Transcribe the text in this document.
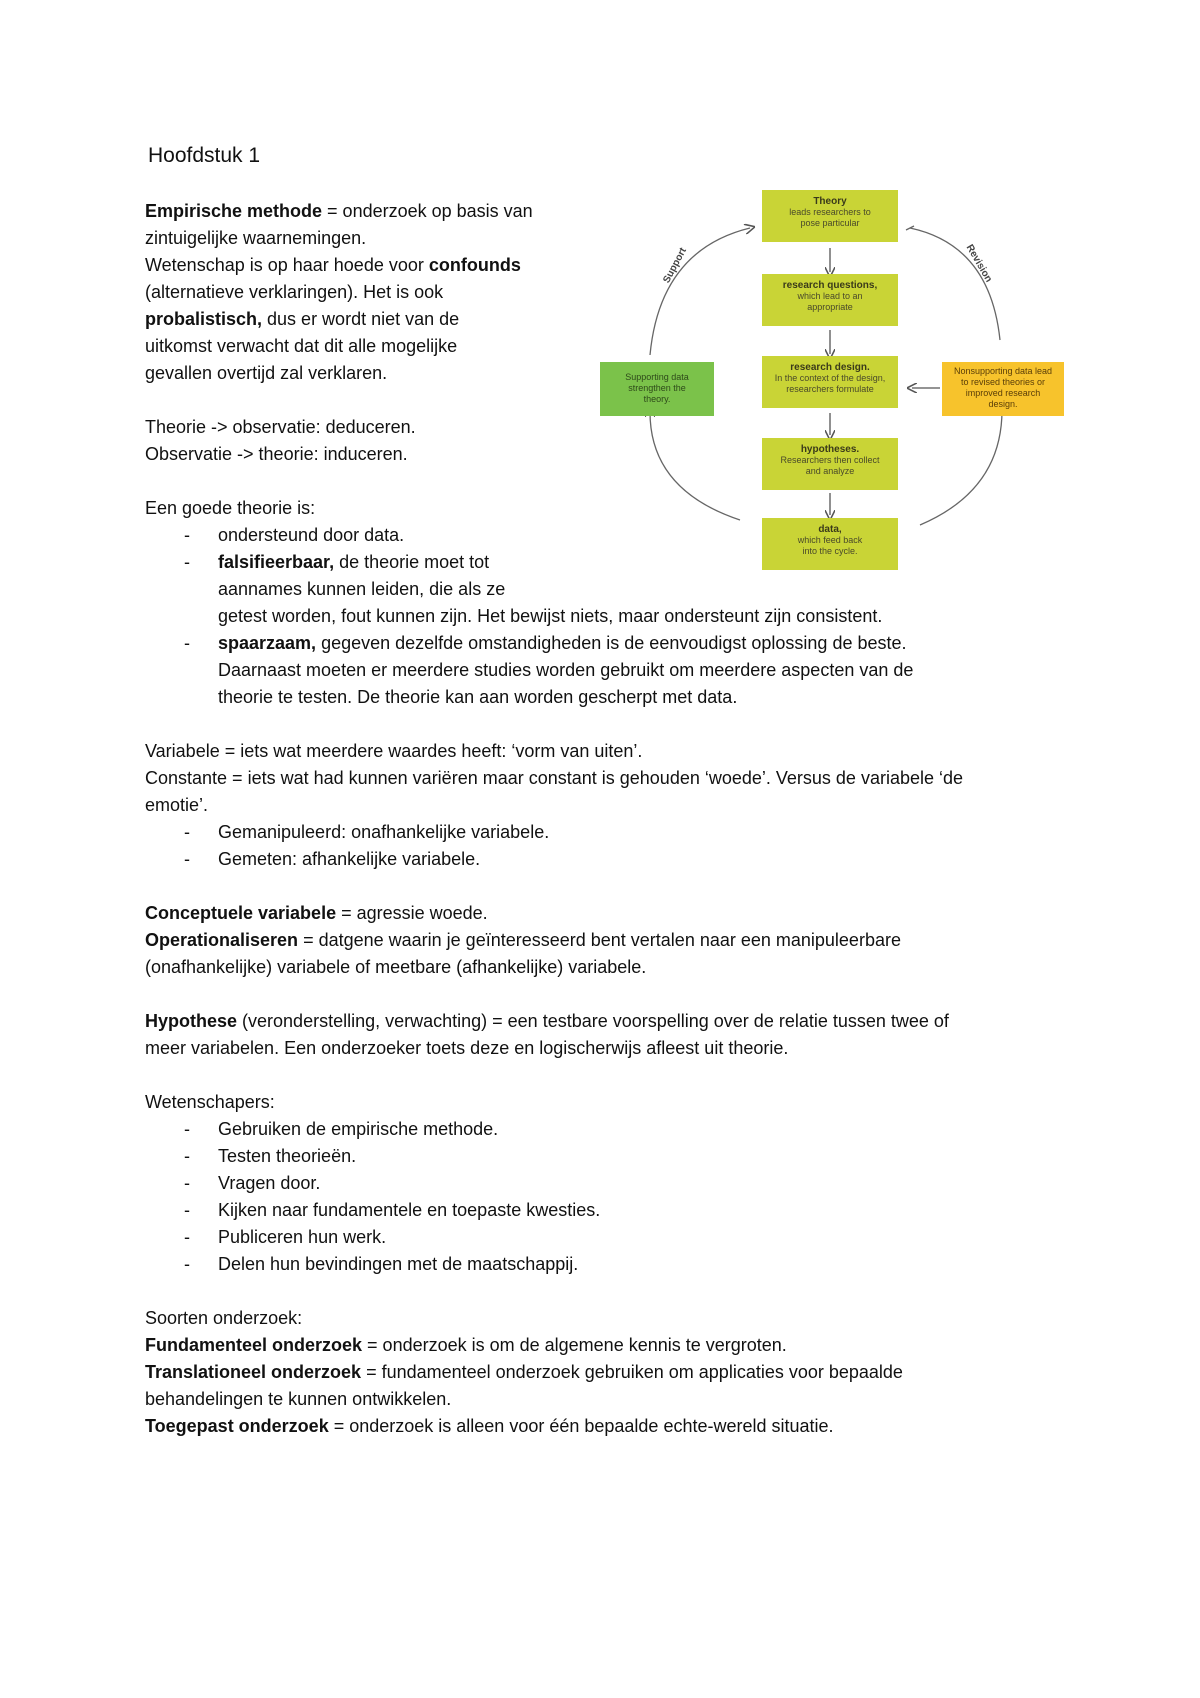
Hoofdstuk 1
Empirische methode = onderzoek op basis van
zintuigelijke waarnemingen.
Wetenschap is op haar hoede voor confounds
(alternatieve verklaringen). Het is ook
probalistisch, dus er wordt niet van de
uitkomst verwacht dat dit alle mogelijke
gevallen overtijd zal verklaren.
Theorie -> observatie: deduceren.
Observatie -> theorie: induceren.
Een goede theorie is:
- ondersteund door data.
- falsifieerbaar, de theorie moet tot
aannames kunnen leiden, die als ze
getest worden, fout kunnen zijn. Het bewijst niets, maar ondersteunt zijn consistent.
- spaarzaam, gegeven dezelfde omstandigheden is de eenvoudigst oplossing de beste.
Daarnaast moeten er meerdere studies worden gebruikt om meerdere aspecten van de
theorie te testen. De theorie kan aan worden gescherpt met data.
Variabele = iets wat meerdere waardes heeft: ‘vorm van uiten’.
Constante = iets wat had kunnen variëren maar constant is gehouden ‘woede’. Versus de variabele ‘de
emotie’.
- Gemanipuleerd: onafhankelijke variabele.
- Gemeten: afhankelijke variabele.
Conceptuele variabele = agressie woede.
Operationaliseren = datgene waarin je geïnteresseerd bent vertalen naar een manipuleerbare
(onafhankelijke) variabele of meetbare (afhankelijke) variabele.
Hypothese (veronderstelling, verwachting) = een testbare voorspelling over de relatie tussen twee of
meer variabelen. Een onderzoeker toets deze en logischerwijs afleest uit theorie.
Wetenschapers:
- Gebruiken de empirische methode.
- Testen theorieën.
- Vragen door.
- Kijken naar fundamentele en toepaste kwesties.
- Publiceren hun werk.
- Delen hun bevindingen met de maatschappij.
Soorten onderzoek:
Fundamenteel onderzoek = onderzoek is om de algemene kennis te vergroten.
Translationeel onderzoek = fundamenteel onderzoek gebruiken om applicaties voor bepaalde
behandelingen te kunnen ontwikkelen.
Toegepast onderzoek = onderzoek is alleen voor één bepaalde echte-wereld situatie.
Theory
leads researchers to pose particular
research questions,
which lead to an appropriate
research design.
In the context of the design, researchers formulate
hypotheses.
Researchers then collect and analyze
data,
which feed back into the cycle.
Supporting data strengthen the theory.
Nonsupporting data lead to revised theories or improved research design.
Support	Revision
